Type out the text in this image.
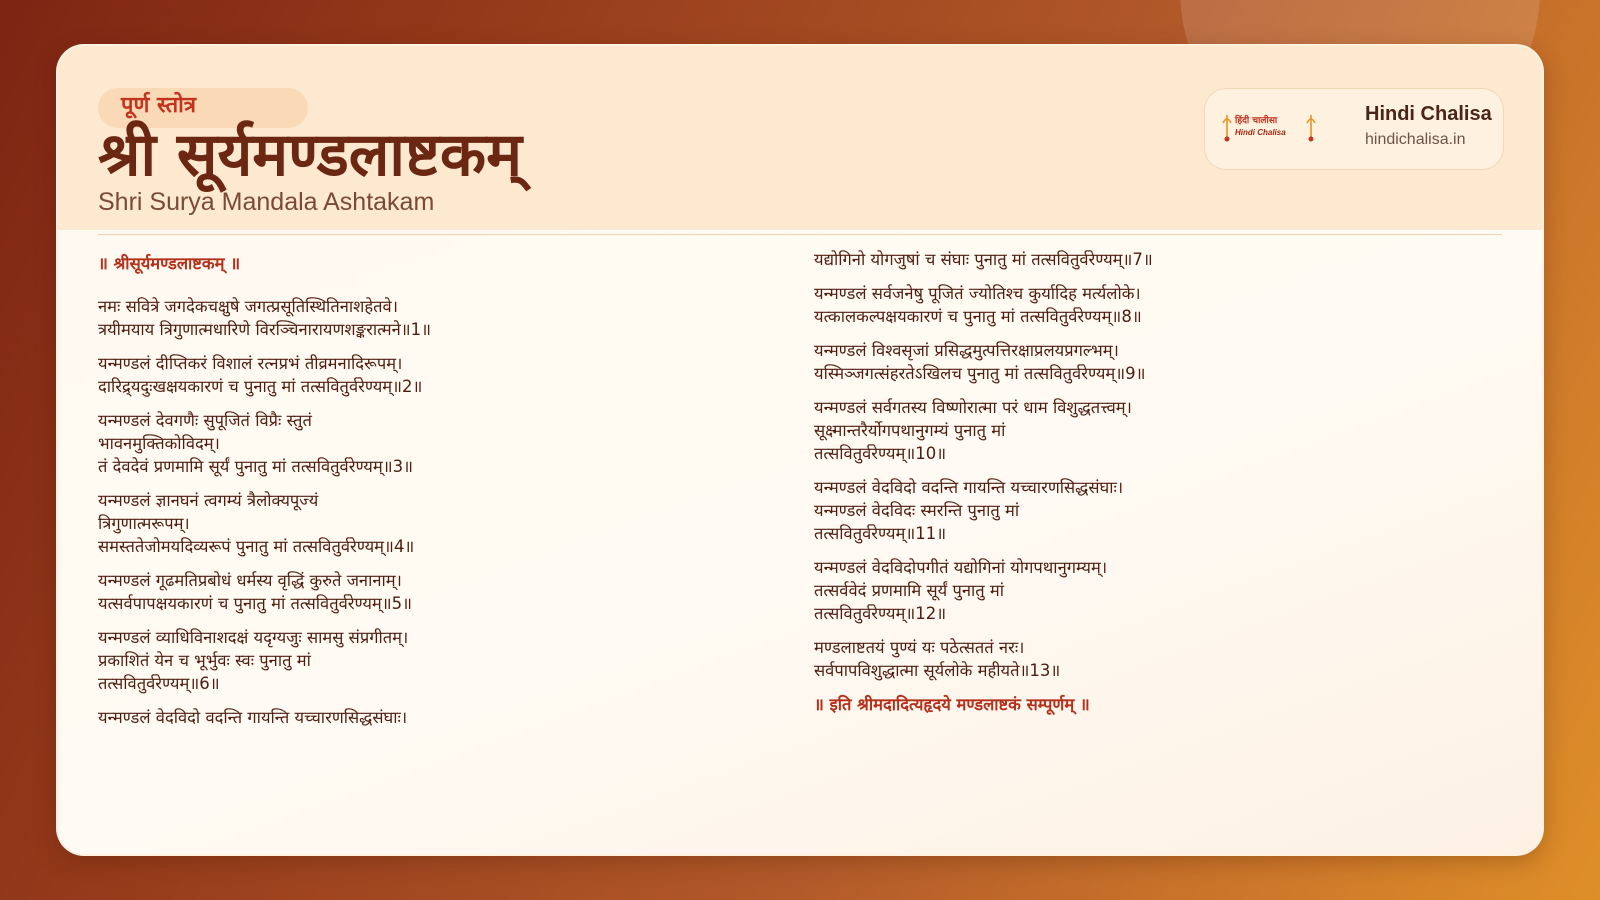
पूर्ण स्तोत्र
श्री सूर्यमण्डलाष्टकम्
Shri Surya Mandala Ashtakam
हिंदी चालीसा
Hindi Chalisa
Hindi Chalisa
hindichalisa.in
॥ श्रीसूर्यमण्डलाष्टकम् ॥
नमः सवित्रे जगदेकचक्षुषे जगत्प्रसूतिस्थितिनाशहेतवे।
त्रयीमयाय त्रिगुणात्मधारिणे विरञ्चिनारायणशङ्करात्मने॥1॥
यन्मण्डलं दीप्तिकरं विशालं रत्नप्रभं तीव्रमनादिरूपम्।
दारिद्र्यदुःखक्षयकारणं च पुनातु मां तत्सवितुर्वरेण्यम्॥2॥
यन्मण्डलं देवगणैः सुपूजितं विप्रैः स्तुतं
भावनमुक्तिकोविदम्।
तं देवदेवं प्रणमामि सूर्यं पुनातु मां तत्सवितुर्वरेण्यम्॥3॥
यन्मण्डलं ज्ञानघनं त्वगम्यं त्रैलोक्यपूज्यं
त्रिगुणात्मरूपम्।
समस्ततेजोमयदिव्यरूपं पुनातु मां तत्सवितुर्वरेण्यम्॥4॥
यन्मण्डलं गूढमतिप्रबोधं धर्मस्य वृद्धिं कुरुते जनानाम्।
यत्सर्वपापक्षयकारणं च पुनातु मां तत्सवितुर्वरेण्यम्॥5॥
यन्मण्डलं व्याधिविनाशदक्षं यदृग्यजुः सामसु संप्रगीतम्।
प्रकाशितं येन च भूर्भुवः स्वः पुनातु मां
तत्सवितुर्वरेण्यम्॥6॥
यन्मण्डलं वेदविदो वदन्ति गायन्ति यच्चारणसिद्धसंघाः।
यद्योगिनो योगजुषां च संघाः पुनातु मां तत्सवितुर्वरेण्यम्॥7॥
यन्मण्डलं सर्वजनेषु पूजितं ज्योतिश्च कुर्यादिह मर्त्यलोके।
यत्कालकल्पक्षयकारणं च पुनातु मां तत्सवितुर्वरेण्यम्॥8॥
यन्मण्डलं विश्वसृजां प्रसिद्धमुत्पत्तिरक्षाप्रलयप्रगल्भम्।
यस्मिञ्जगत्संहरतेऽखिलच पुनातु मां तत्सवितुर्वरेण्यम्॥9॥
यन्मण्डलं सर्वगतस्य विष्णोरात्मा परं धाम विशुद्धतत्त्वम्।
सूक्ष्मान्तरैर्योगपथानुगम्यं पुनातु मां
तत्सवितुर्वरेण्यम्॥10॥
यन्मण्डलं वेदविदो वदन्ति गायन्ति यच्चारणसिद्धसंघाः।
यन्मण्डलं वेदविदः स्मरन्ति पुनातु मां
तत्सवितुर्वरेण्यम्॥11॥
यन्मण्डलं वेदविदोपगीतं यद्योगिनां योगपथानुगम्यम्।
तत्सर्ववेदं प्रणमामि सूर्यं पुनातु मां
तत्सवितुर्वरेण्यम्॥12॥
मण्डलाष्टतयं पुण्यं यः पठेत्सततं नरः।
सर्वपापविशुद्धात्मा सूर्यलोके महीयते॥13॥
॥ इति श्रीमदादित्यहृदये मण्डलाष्टकं सम्पूर्णम् ॥
